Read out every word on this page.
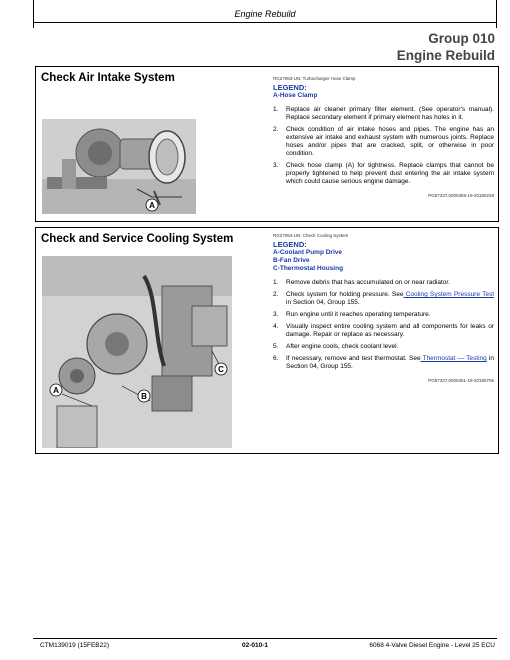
Engine Rebuild
Group 010
Engine Rebuild
Check Air Intake System
A
RG27063-UN: Turbocharger Hose Clamp
LEGEND:
A-Hose Clamp
1.	Replace air cleaner primary filter element. (See operator's manual). Replace secondary element if primary element has holes in it.
2.	Check condition of air intake hoses and pipes. The engine has an extensive air intake and exhaust system with numerous joints. Replace hoses and/or pipes that are cracked, split, or otherwise in poor condition.
3.	Check hose clamp (A) for tightness. Replace clamps that cannot be properly tightened to help prevent dust entering the air intake system which could cause serious engine damage.
PG57337,0000369-19-20180228
Check and Service Cooling System
A
B
C
RG27064-UN: Check Cooling System
LEGEND:
A-Coolant Pump Drive
B-Fan Drive
C-Thermostat Housing
1.	Remove debris that has accumulated on or near radiator.
2.	Check system for holding pressure. See Cooling System Pressure Test in Section 04, Group 155.
3.	Run engine until it reaches operating temperature.
4.	Visually inspect entire cooling system and all components for leaks or damage. Repair or replace as necessary.
5.	After engine cools, check coolant level.
6.	If necessary, remove and test thermostat. See Thermostat — Testing in Section 04, Group 155.
PG57337,0000361-19-20180706
CTM139019 (15FEB22)	02-010-1	6068 4-Valve Diesel Engine - Level 25 ECU
